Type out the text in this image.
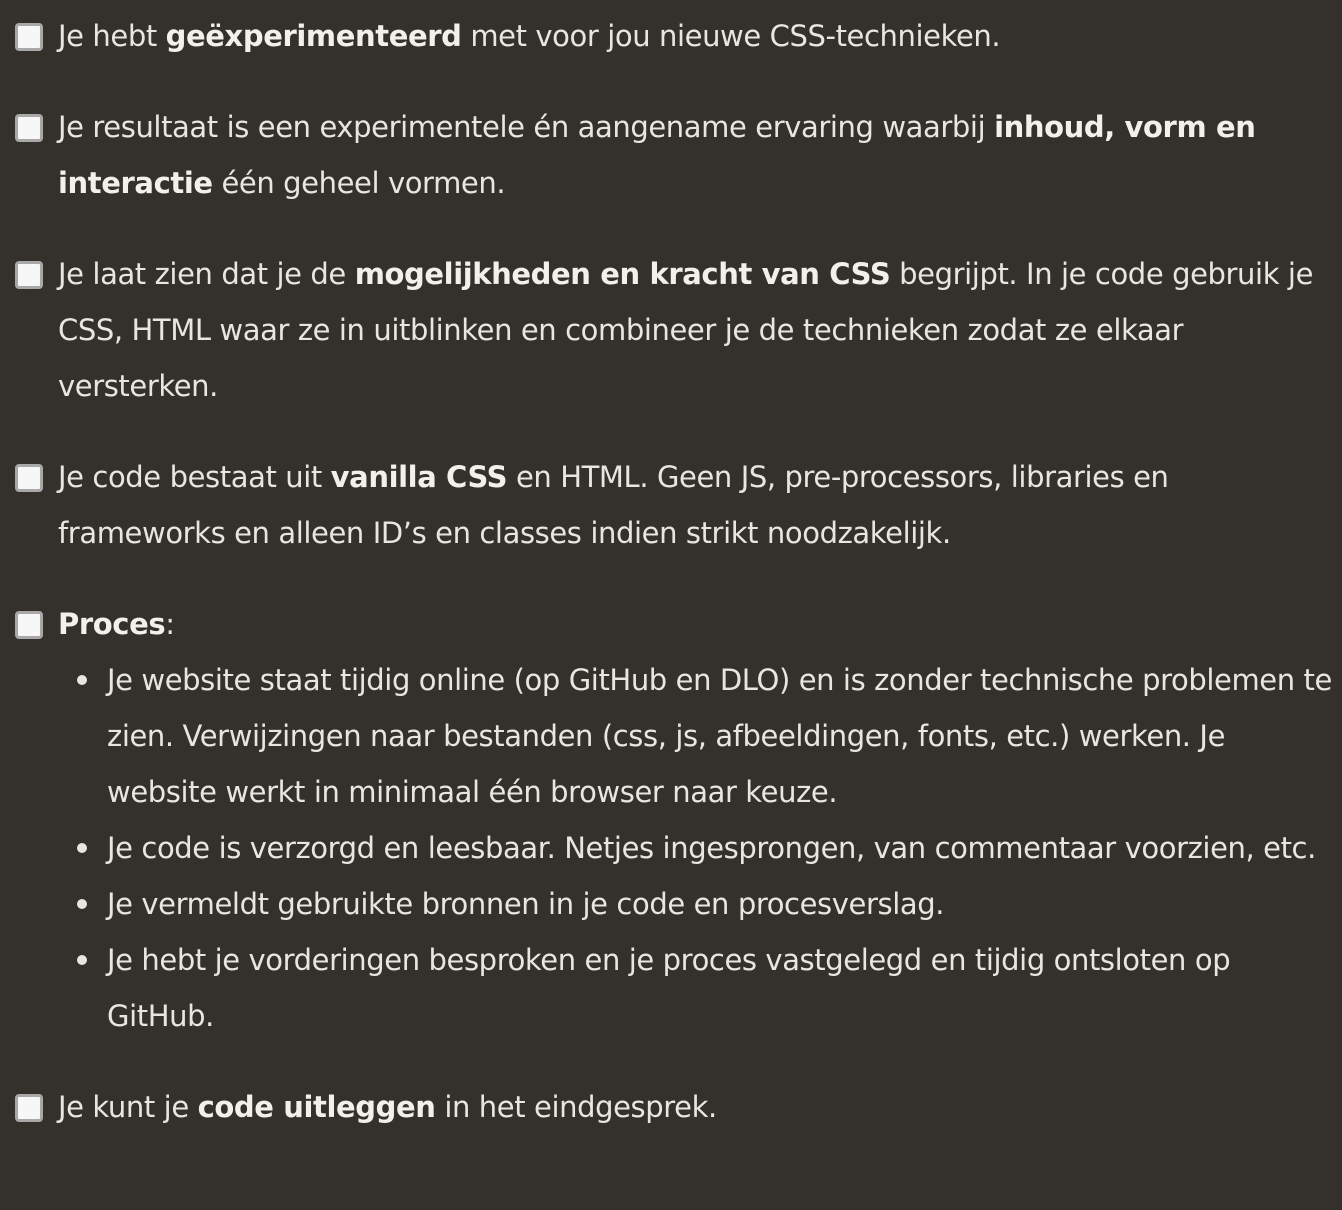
Je hebt geëxperimenteerd met voor jou nieuwe CSS-technieken.
Je resultaat is een experimentele én aangename ervaring waarbij inhoud, vorm en interactie één geheel vormen.
Je laat zien dat je de mogelijkheden en kracht van CSS begrijpt. In je code gebruik je CSS, HTML waar ze in uitblinken en combineer je de technieken zodat ze elkaar versterken.
Je code bestaat uit vanilla CSS en HTML. Geen JS, pre-processors, libraries en frameworks en alleen ID’s en classes indien strikt noodzakelijk.
Proces:
Je website staat tijdig online (op GitHub en DLO) en is zonder technische problemen te zien. Verwijzingen naar bestanden (css, js, afbeeldingen, fonts, etc.) werken. Je website werkt in minimaal één browser naar keuze.
Je code is verzorgd en leesbaar. Netjes ingesprongen, van commentaar voorzien, etc.
Je vermeldt gebruikte bronnen in je code en procesverslag.
Je hebt je vorderingen besproken en je proces vastgelegd en tijdig ontsloten op GitHub.
Je kunt je code uitleggen in het eindgesprek.
